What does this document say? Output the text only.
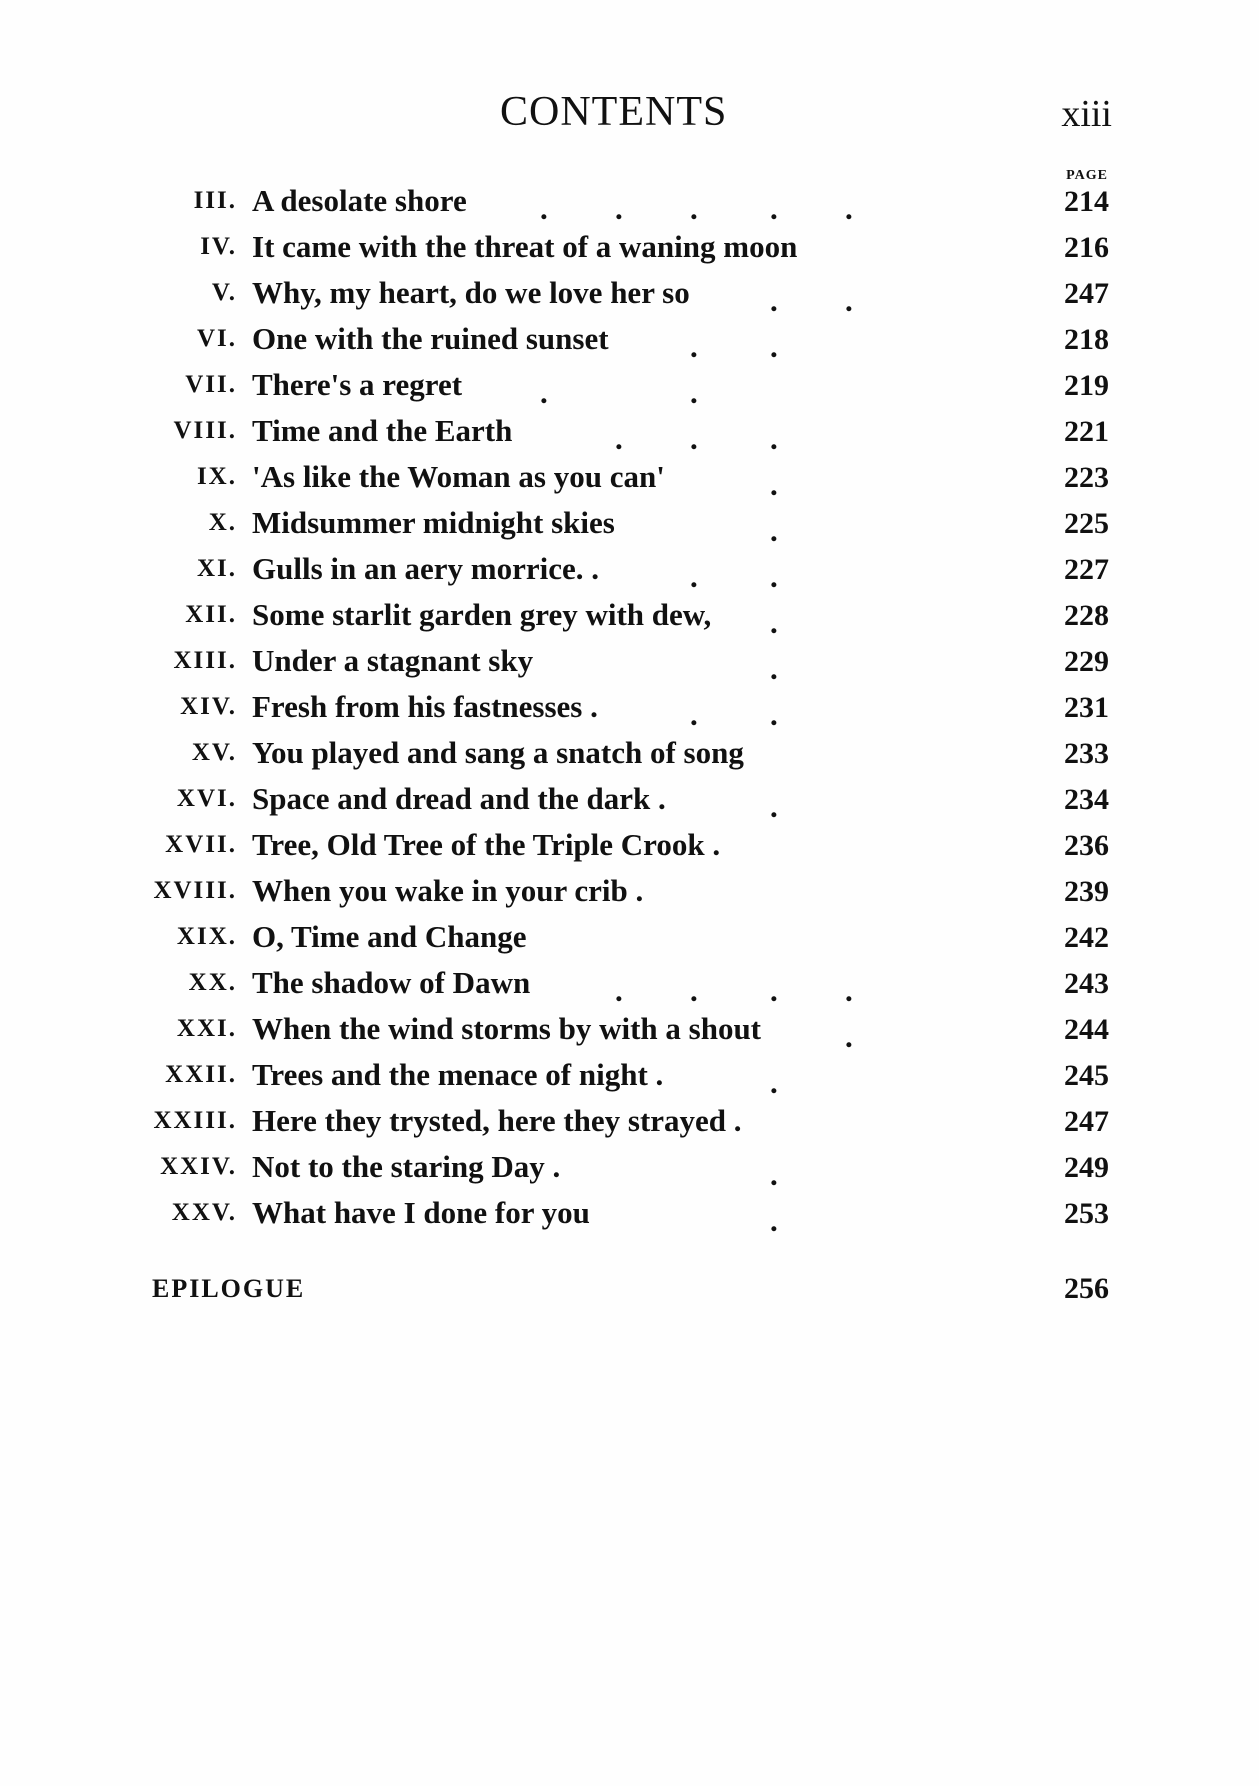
CONTENTS	xiii
PAGE
III. A desolate shore . . . . .	214
IV. It came with the threat of a waning moon	216
V. Why, my heart, do we love her so	. .	247
VI. One with the ruined sunset	. .	218
VII. There's a regret	.	.	219
VIII. Time and the Earth	. . .	221
IX. 'As like the Woman as you can'	.	223
X. Midsummer midnight skies	.	225
XI. Gulls in an aery morrice. .	. .	227
XII. Some starlit garden grey with dew, .	228
XIII. Under a stagnant sky	.	229
XIV. Fresh from his fastnesses .	. .	231
XV. You played and sang a snatch of song	233
XVI. Space and dread and the dark .	.	234
XVII. Tree, Old Tree of the Triple Crook .	236
XVIII. When you wake in your crib .	239
XIX. O, Time and Change	242
XX. The shadow of Dawn	. . . .	243
XXI. When the wind storms by with a shout	.	244
XXII. Trees and the menace of night .	.	245
XXIII. Here they trysted, here they strayed .	247
XXIV. Not to the staring Day .	.	249
XXV. What have I done for you	.	253
EPILOGUE	256
